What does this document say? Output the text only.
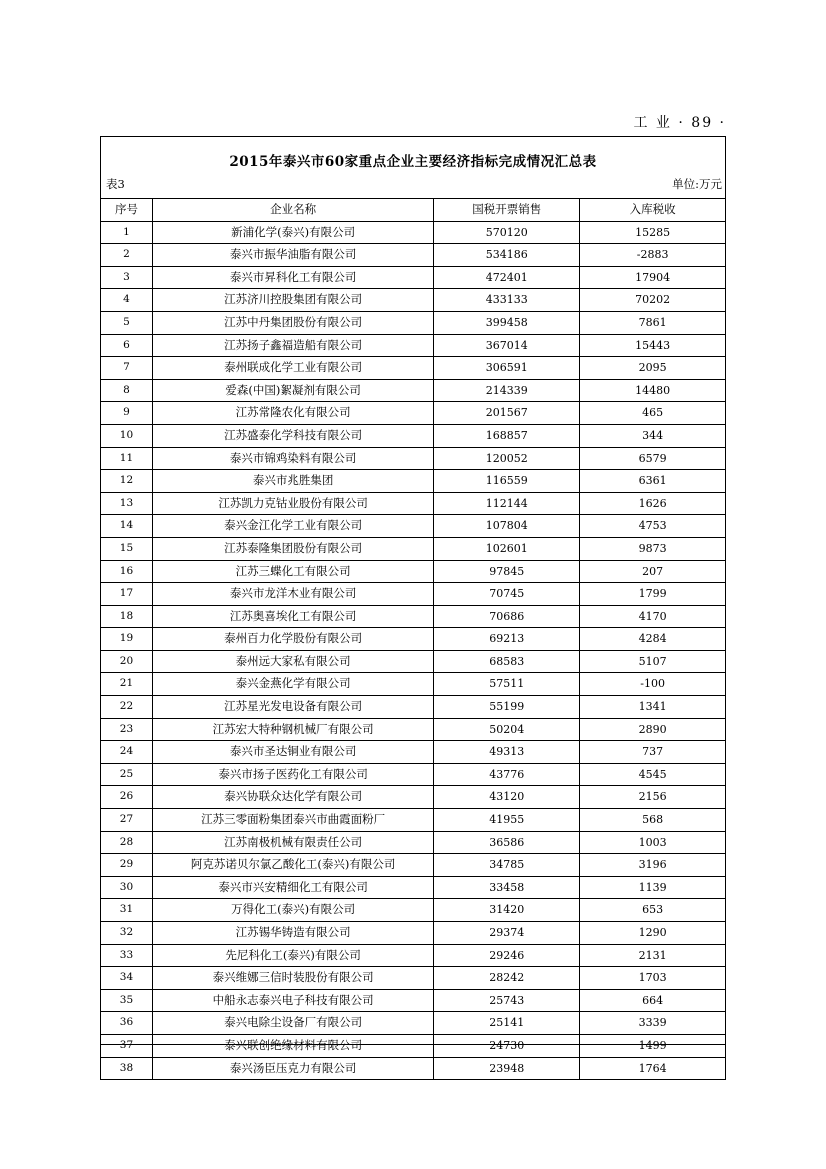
工 业 · 89 ·
2015年泰兴市60家重点企业主要经济指标完成情况汇总表
表3	单位:万元
序号	企业名称	国税开票销售	入库税收
1	新浦化学(泰兴)有限公司	570120	15285
2	泰兴市振华油脂有限公司	534186	-2883
3	泰兴市昇科化工有限公司	472401	17904
4	江苏济川控股集团有限公司	433133	70202
5	江苏中丹集团股份有限公司	399458	7861
6	江苏扬子鑫福造船有限公司	367014	15443
7	泰州联成化学工业有限公司	306591	2095
8	爱森(中国)絮凝剂有限公司	214339	14480
9	江苏常隆农化有限公司	201567	465
10	江苏盛泰化学科技有限公司	168857	344
11	泰兴市锦鸡染料有限公司	120052	6579
12	泰兴市兆胜集团	116559	6361
13	江苏凯力克钴业股份有限公司	112144	1626
14	泰兴金江化学工业有限公司	107804	4753
15	江苏泰隆集团股份有限公司	102601	9873
16	江苏三蝶化工有限公司	97845	207
17	泰兴市龙洋木业有限公司	70745	1799
18	江苏奥喜埃化工有限公司	70686	4170
19	泰州百力化学股份有限公司	69213	4284
20	泰州远大家私有限公司	68583	5107
21	泰兴金燕化学有限公司	57511	-100
22	江苏星光发电设备有限公司	55199	1341
23	江苏宏大特种钢机械厂有限公司	50204	2890
24	泰兴市圣达铜业有限公司	49313	737
25	泰兴市扬子医药化工有限公司	43776	4545
26	泰兴协联众达化学有限公司	43120	2156
27	江苏三零面粉集团泰兴市曲霞面粉厂	41955	568
28	江苏南极机械有限责任公司	36586	1003
29	阿克苏诺贝尔氯乙酸化工(泰兴)有限公司	34785	3196
30	泰兴市兴安精细化工有限公司	33458	1139
31	万得化工(泰兴)有限公司	31420	653
32	江苏锡华铸造有限公司	29374	1290
33	先尼科化工(泰兴)有限公司	29246	2131
34	泰兴维娜三信时装股份有限公司	28242	1703
35	中船永志泰兴电子科技有限公司	25743	664
36	泰兴电除尘设备厂有限公司	25141	3339
37	泰兴联创绝缘材料有限公司	24730	1499
38	泰兴汤臣压克力有限公司	23948	1764
